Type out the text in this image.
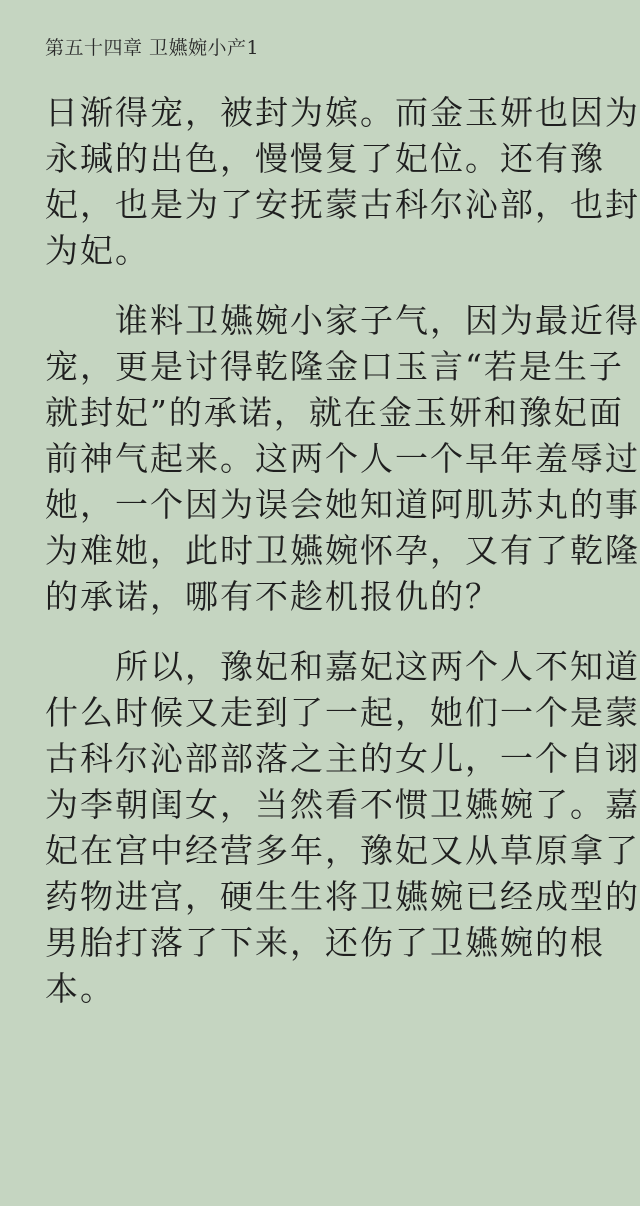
第五十四章 卫嬿婉小产1

日渐得宠，被封为嫔。而金玉妍也因为

永瑊的出色，慢慢复了妃位。还有豫

妃，也是为了安抚蒙古科尔沁部，也封

为妃。

　　谁料卫嬿婉小家子气，因为最近得

宠，更是讨得乾隆金口玉言“若是生子

就封妃”的承诺，就在金玉妍和豫妃面

前神气起来。这两个人一个早年羞辱过

她，一个因为误会她知道阿肌苏丸的事

为难她，此时卫嬿婉怀孕，又有了乾隆

的承诺，哪有不趁机报仇的？

　　所以，豫妃和嘉妃这两个人不知道

什么时候又走到了一起，她们一个是蒙

古科尔沁部部落之主的女儿，一个自诩

为李朝闺女，当然看不惯卫嬿婉了。嘉

妃在宫中经营多年，豫妃又从草原拿了

药物进宫，硬生生将卫嬿婉已经成型的

男胎打落了下来，还伤了卫嬿婉的根

本。
